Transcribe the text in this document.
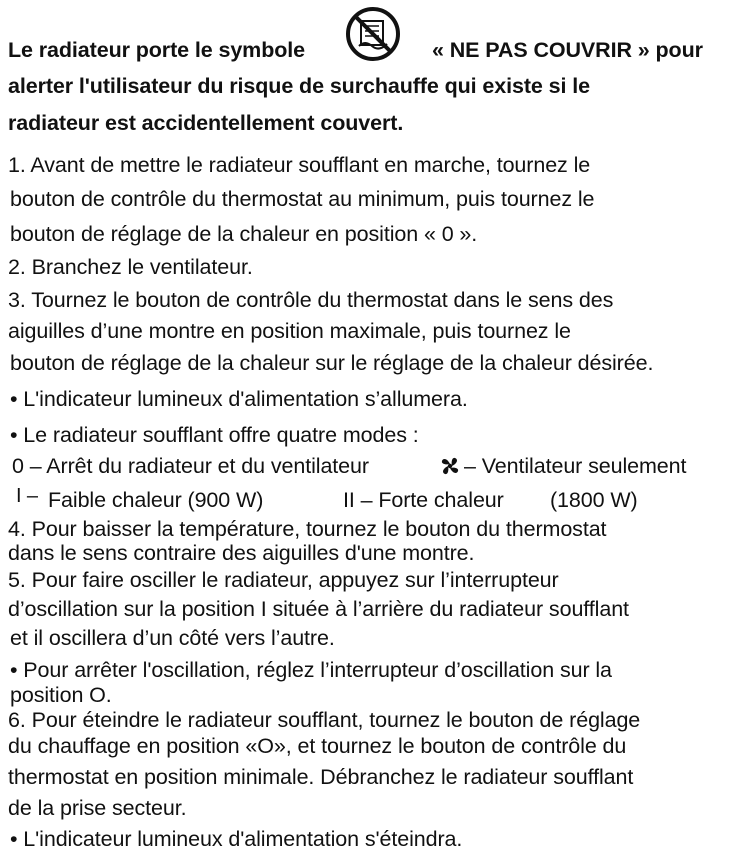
Le radiateur porte le symbole	« NE PAS COUVRIR » pour
alerter l'utilisateur du risque de surchauffe qui existe si le
radiateur est accidentellement couvert.
1. Avant de mettre le radiateur soufflant en marche, tournez le
bouton de contrôle du thermostat au minimum, puis tournez le
bouton de réglage de la chaleur en position « 0 ».
2. Branchez le ventilateur.
3. Tournez le bouton de contrôle du thermostat dans le sens des
aiguilles d’une montre en position maximale, puis tournez le
bouton de réglage de la chaleur sur le réglage de la chaleur désirée.
• L'indicateur lumineux d'alimentation s’allumera.
• Le radiateur soufflant offre quatre modes :
0 – Arrêt du radiateur et du ventilateur	– Ventilateur seulement
I – Faible chaleur (900 W)	II – Forte chaleur (1800 W)
4. Pour baisser la température, tournez le bouton du thermostat
dans le sens contraire des aiguilles d'une montre.
5. Pour faire osciller le radiateur, appuyez sur l’interrupteur
d’oscillation sur la position I située à l’arrière du radiateur soufflant
et il oscillera d’un côté vers l’autre.
• Pour arrêter l'oscillation, réglez l’interrupteur d’oscillation sur la
position O.
6. Pour éteindre le radiateur soufflant, tournez le bouton de réglage
du chauffage en position «O», et tournez le bouton de contrôle du
thermostat en position minimale. Débranchez le radiateur soufflant
de la prise secteur.
• L'indicateur lumineux d'alimentation s'éteindra.
